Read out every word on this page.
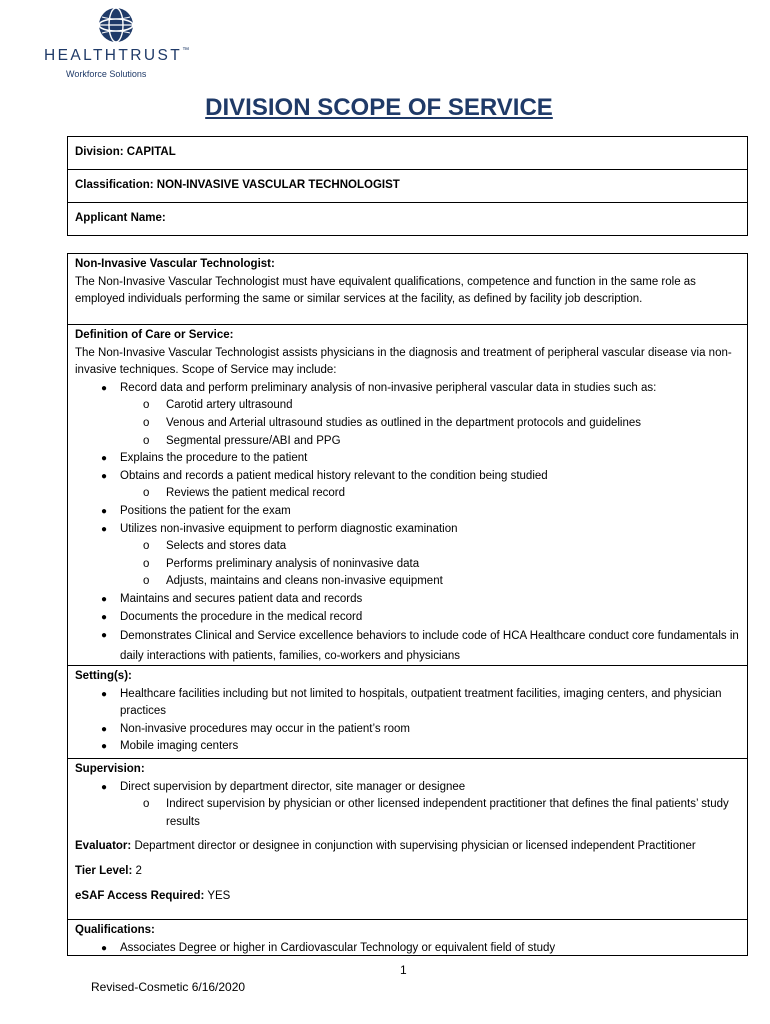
HEALTHTRUST™
Workforce Solutions
DIVISION SCOPE OF SERVICE
Division: CAPITAL
Classification: NON-INVASIVE VASCULAR TECHNOLOGIST
Applicant Name:

Non-Invasive Vascular Technologist:

The Non-Invasive Vascular Technologist must have equivalent qualifications, competence and function in the same role as employed individuals performing the same or similar services at the facility, as defined by facility job description.

Definition of Care or Service:

The Non-Invasive Vascular Technologist assists physicians in the diagnosis and treatment of peripheral vascular disease via non-invasive techniques. Scope of Service may include:

● Record data and perform preliminary analysis of non-invasive peripheral vascular data in studies such as:
o Carotid artery ultrasound
o Venous and Arterial ultrasound studies as outlined in the department protocols and guidelines
o Segmental pressure/ABI and PPG
● Explains the procedure to the patient
● Obtains and records a patient medical history relevant to the condition being studied
o Reviews the patient medical record
● Positions the patient for the exam
● Utilizes non-invasive equipment to perform diagnostic examination
o Selects and stores data
o Performs preliminary analysis of noninvasive data
o Adjusts, maintains and cleans non-invasive equipment
● Maintains and secures patient data and records
● Documents the procedure in the medical record
● Demonstrates Clinical and Service excellence behaviors to include code of HCA Healthcare conduct core fundamentals in daily interactions with patients, families, co-workers and physicians

Setting(s):

● Healthcare facilities including but not limited to hospitals, outpatient treatment facilities, imaging centers, and physician practices
● Non-invasive procedures may occur in the patient’s room
● Mobile imaging centers

Supervision:

● Direct supervision by department director, site manager or designee
o Indirect supervision by physician or other licensed independent practitioner that defines the final patients’ study results

Evaluator: Department director or designee in conjunction with supervising physician or licensed independent Practitioner

Tier Level: 2

eSAF Access Required: YES

Qualifications:

● Associates Degree or higher in Cardiovascular Technology or equivalent field of study
1
Revised-Cosmetic 6/16/2020
